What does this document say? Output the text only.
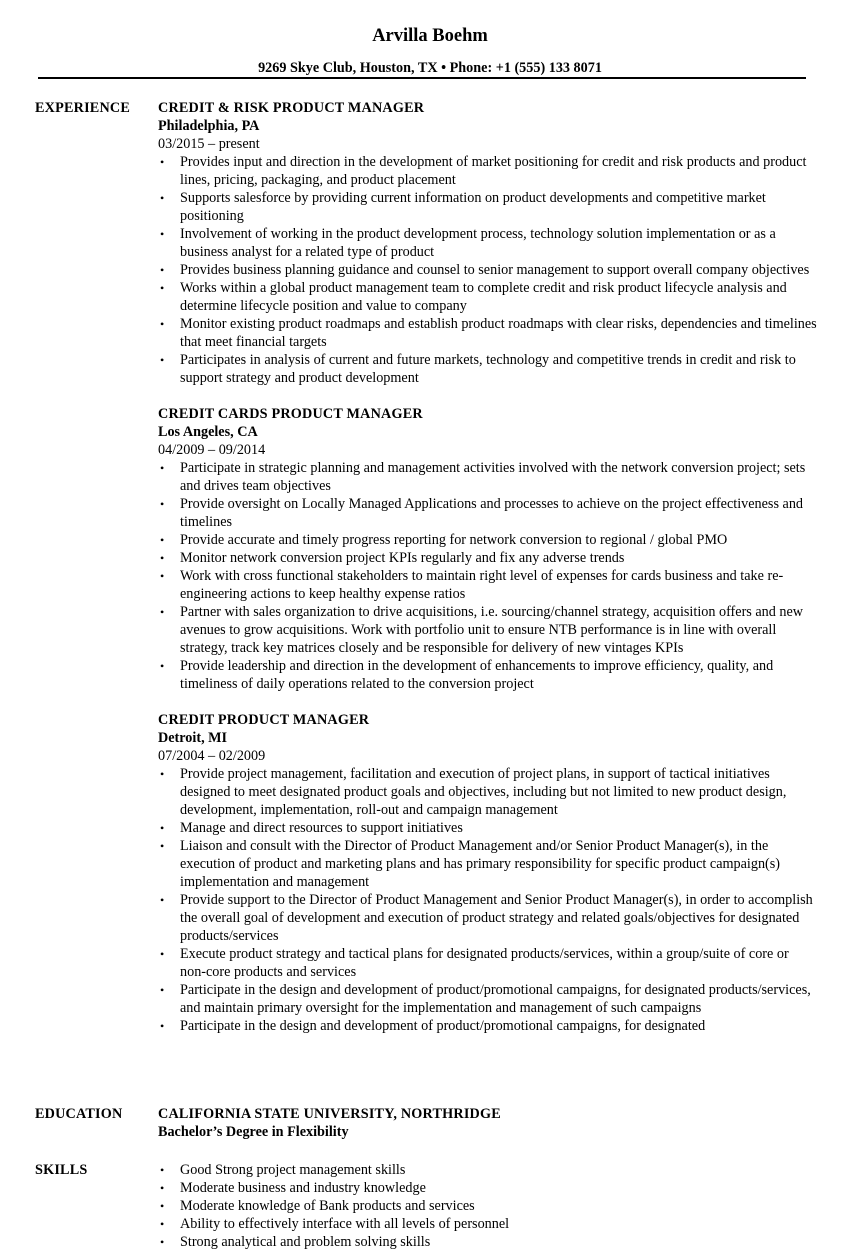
Arvilla Boehm
9269 Skye Club, Houston, TX • Phone: +1 (555) 133 8071
EXPERIENCE CREDIT & RISK PRODUCT MANAGER
Philadelphia, PA
03/2015 – present
• Provides input and direction in the development of market positioning for credit and risk products and product lines, pricing, packaging, and product placement
• Supports salesforce by providing current information on product developments and competitive market positioning
• Involvement of working in the product development process, technology solution implementation or as a business analyst for a related type of product
• Provides business planning guidance and counsel to senior management to support overall company objectives
• Works within a global product management team to complete credit and risk product lifecycle analysis and determine lifecycle position and value to company
• Monitor existing product roadmaps and establish product roadmaps with clear risks, dependencies and timelines that meet financial targets
• Participates in analysis of current and future markets, technology and competitive trends in credit and risk to support strategy and product development
CREDIT CARDS PRODUCT MANAGER
Los Angeles, CA
04/2009 – 09/2014
• Participate in strategic planning and management activities involved with the network conversion project; sets and drives team objectives
• Provide oversight on Locally Managed Applications and processes to achieve on the project effectiveness and timelines
• Provide accurate and timely progress reporting for network conversion to regional / global PMO
• Monitor network conversion project KPIs regularly and fix any adverse trends
• Work with cross functional stakeholders to maintain right level of expenses for cards business and take re-engineering actions to keep healthy expense ratios
• Partner with sales organization to drive acquisitions, i.e. sourcing/channel strategy, acquisition offers and new avenues to grow acquisitions. Work with portfolio unit to ensure NTB performance is in line with overall strategy, track key matrices closely and be responsible for delivery of new vintages KPIs
• Provide leadership and direction in the development of enhancements to improve efficiency, quality, and timeliness of daily operations related to the conversion project
CREDIT PRODUCT MANAGER
Detroit, MI
07/2004 – 02/2009
• Provide project management, facilitation and execution of project plans, in support of tactical initiatives designed to meet designated product goals and objectives, including but not limited to new product design, development, implementation, roll-out and campaign management
• Manage and direct resources to support initiatives
• Liaison and consult with the Director of Product Management and/or Senior Product Manager(s), in the execution of product and marketing plans and has primary responsibility for specific product campaign(s) implementation and management
• Provide support to the Director of Product Management and Senior Product Manager(s), in order to accomplish the overall goal of development and execution of product strategy and related goals/objectives for designated products/services
• Execute product strategy and tactical plans for designated products/services, within a group/suite of core or non-core products and services
• Participate in the design and development of product/promotional campaigns, for designated products/services, and maintain primary oversight for the implementation and management of such campaigns
• Participate in the design and development of product/promotional campaigns, for designated
EDUCATION	CALIFORNIA STATE UNIVERSITY, NORTHRIDGE
Bachelor’s Degree in Flexibility
SKILLS	• Good Strong project management skills
• Moderate business and industry knowledge
• Moderate knowledge of Bank products and services
• Ability to effectively interface with all levels of personnel
• Strong analytical and problem solving skills
